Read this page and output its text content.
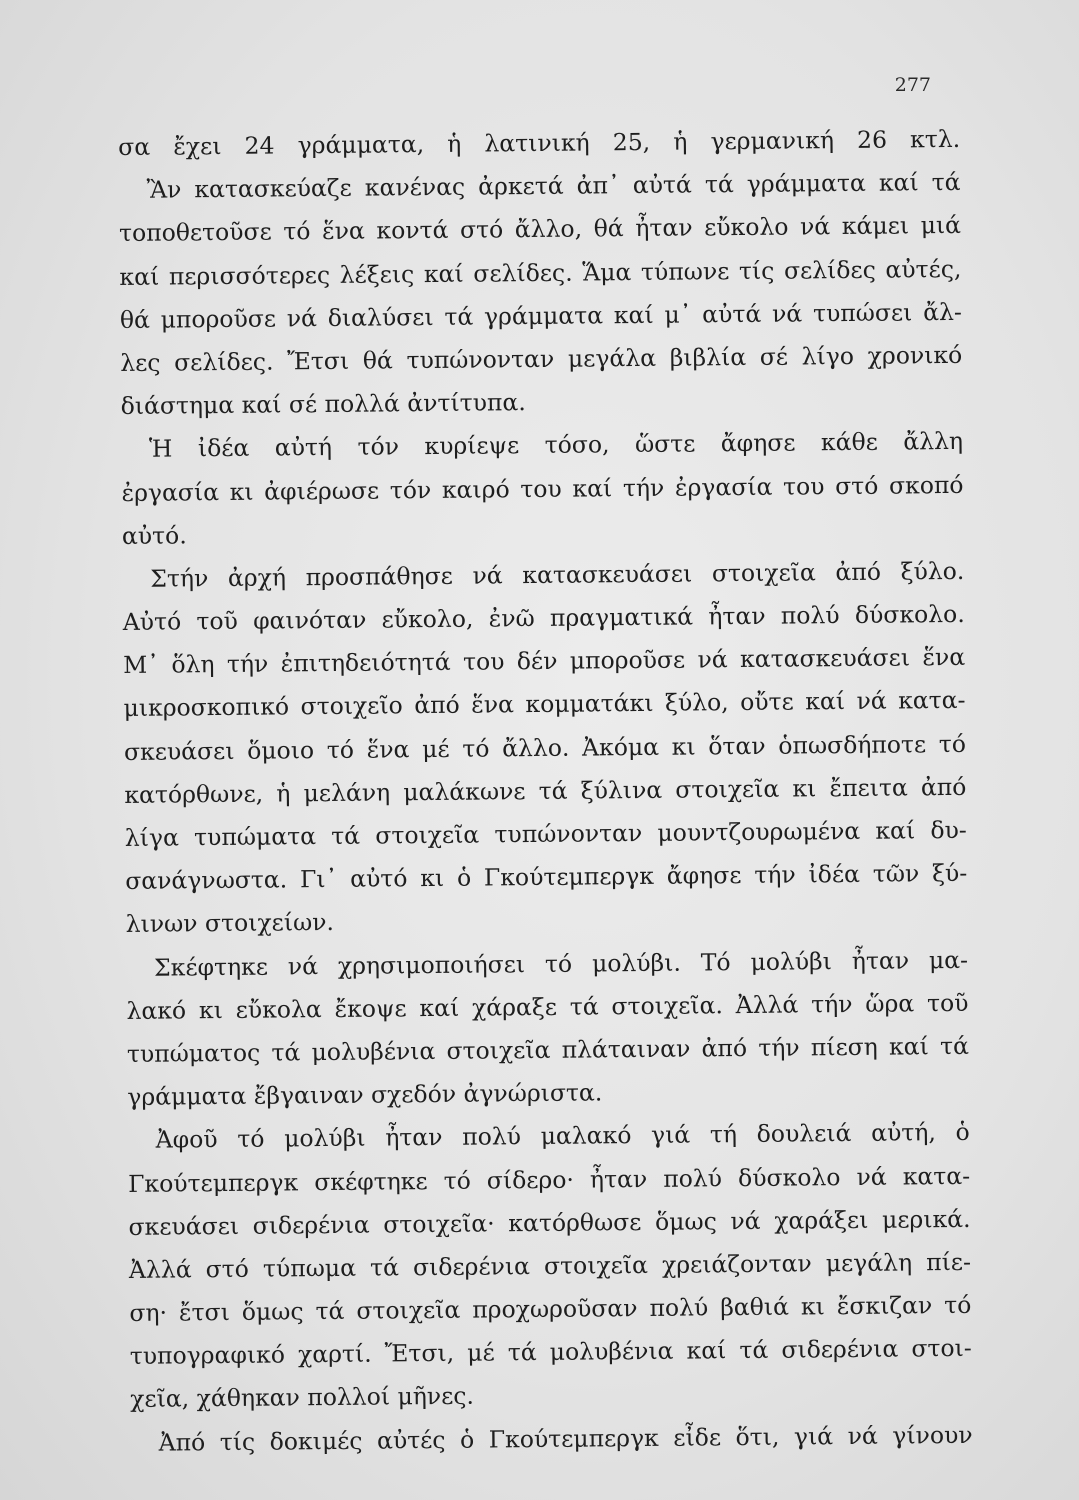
277
σα ἔχει 24 γράμματα, ἡ λατινική 25, ἡ γερμανική 26 κτλ.
Ἂν κατασκεύαζε κανένας ἀρκετά ἀπ᾿ αὐτά τά γράμματα καί τά
τοποθετοῦσε τό ἕνα κοντά στό ἄλλο, θά ἦταν εὔκολο νά κάμει μιά
καί περισσότερες λέξεις καί σελίδες. Ἅμα τύπωνε τίς σελίδες αὐτές,
θά μποροῦσε νά διαλύσει τά γράμματα καί μ᾿ αὐτά νά τυπώσει ἄλ-
λες σελίδες. Ἔτσι θά τυπώνονταν μεγάλα βιβλία σέ λίγο χρονικό
διάστημα καί σέ πολλά ἀντίτυπα.
Ἡ ἰδέα αὐτή τόν κυρίεψε τόσο, ὥστε ἄφησε κάθε ἄλλη
ἐργασία κι ἀφιέρωσε τόν καιρό του καί τήν ἐργασία του στό σκοπό
αὐτό.
Στήν ἀρχή προσπάθησε νά κατασκευάσει στοιχεῖα ἀπό ξύλο.
Αὐτό τοῦ φαινόταν εὔκολο, ἐνῶ πραγματικά ἦταν πολύ δύσκολο.
Μ᾿ ὅλη τήν ἐπιτηδειότητά του δέν μποροῦσε νά κατασκευάσει ἕνα
μικροσκοπικό στοιχεῖο ἀπό ἕνα κομματάκι ξύλο, οὔτε καί νά κατα-
σκευάσει ὅμοιο τό ἕνα μέ τό ἄλλο. Ἀκόμα κι ὅταν ὁπωσδήποτε τό
κατόρθωνε, ἡ μελάνη μαλάκωνε τά ξύλινα στοιχεῖα κι ἔπειτα ἀπό
λίγα τυπώματα τά στοιχεῖα τυπώνονταν μουντζουρωμένα καί δυ-
σανάγνωστα. Γι᾿ αὐτό κι ὁ Γκούτεμπεργκ ἄφησε τήν ἰδέα τῶν ξύ-
λινων στοιχείων.
Σκέφτηκε νά χρησιμοποιήσει τό μολύβι. Τό μολύβι ἦταν μα-
λακό κι εὔκολα ἔκοψε καί χάραξε τά στοιχεῖα. Ἀλλά τήν ὥρα τοῦ
τυπώματος τά μολυβένια στοιχεῖα πλάταιναν ἀπό τήν πίεση καί τά
γράμματα ἔβγαιναν σχεδόν ἀγνώριστα.
Ἀφοῦ τό μολύβι ἦταν πολύ μαλακό γιά τή δουλειά αὐτή, ὁ
Γκούτεμπεργκ σκέφτηκε τό σίδερο· ἦταν πολύ δύσκολο νά κατα-
σκευάσει σιδερένια στοιχεῖα· κατόρθωσε ὅμως νά χαράξει μερικά.
Ἀλλά στό τύπωμα τά σιδερένια στοιχεῖα χρειάζονταν μεγάλη πίε-
ση· ἔτσι ὅμως τά στοιχεῖα προχωροῦσαν πολύ βαθιά κι ἔσκιζαν τό
τυπογραφικό χαρτί. Ἔτσι, μέ τά μολυβένια καί τά σιδερένια στοι-
χεῖα, χάθηκαν πολλοί μῆνες.
Ἀπό τίς δοκιμές αὐτές ὁ Γκούτεμπεργκ εἶδε ὅτι, γιά νά γίνουν
